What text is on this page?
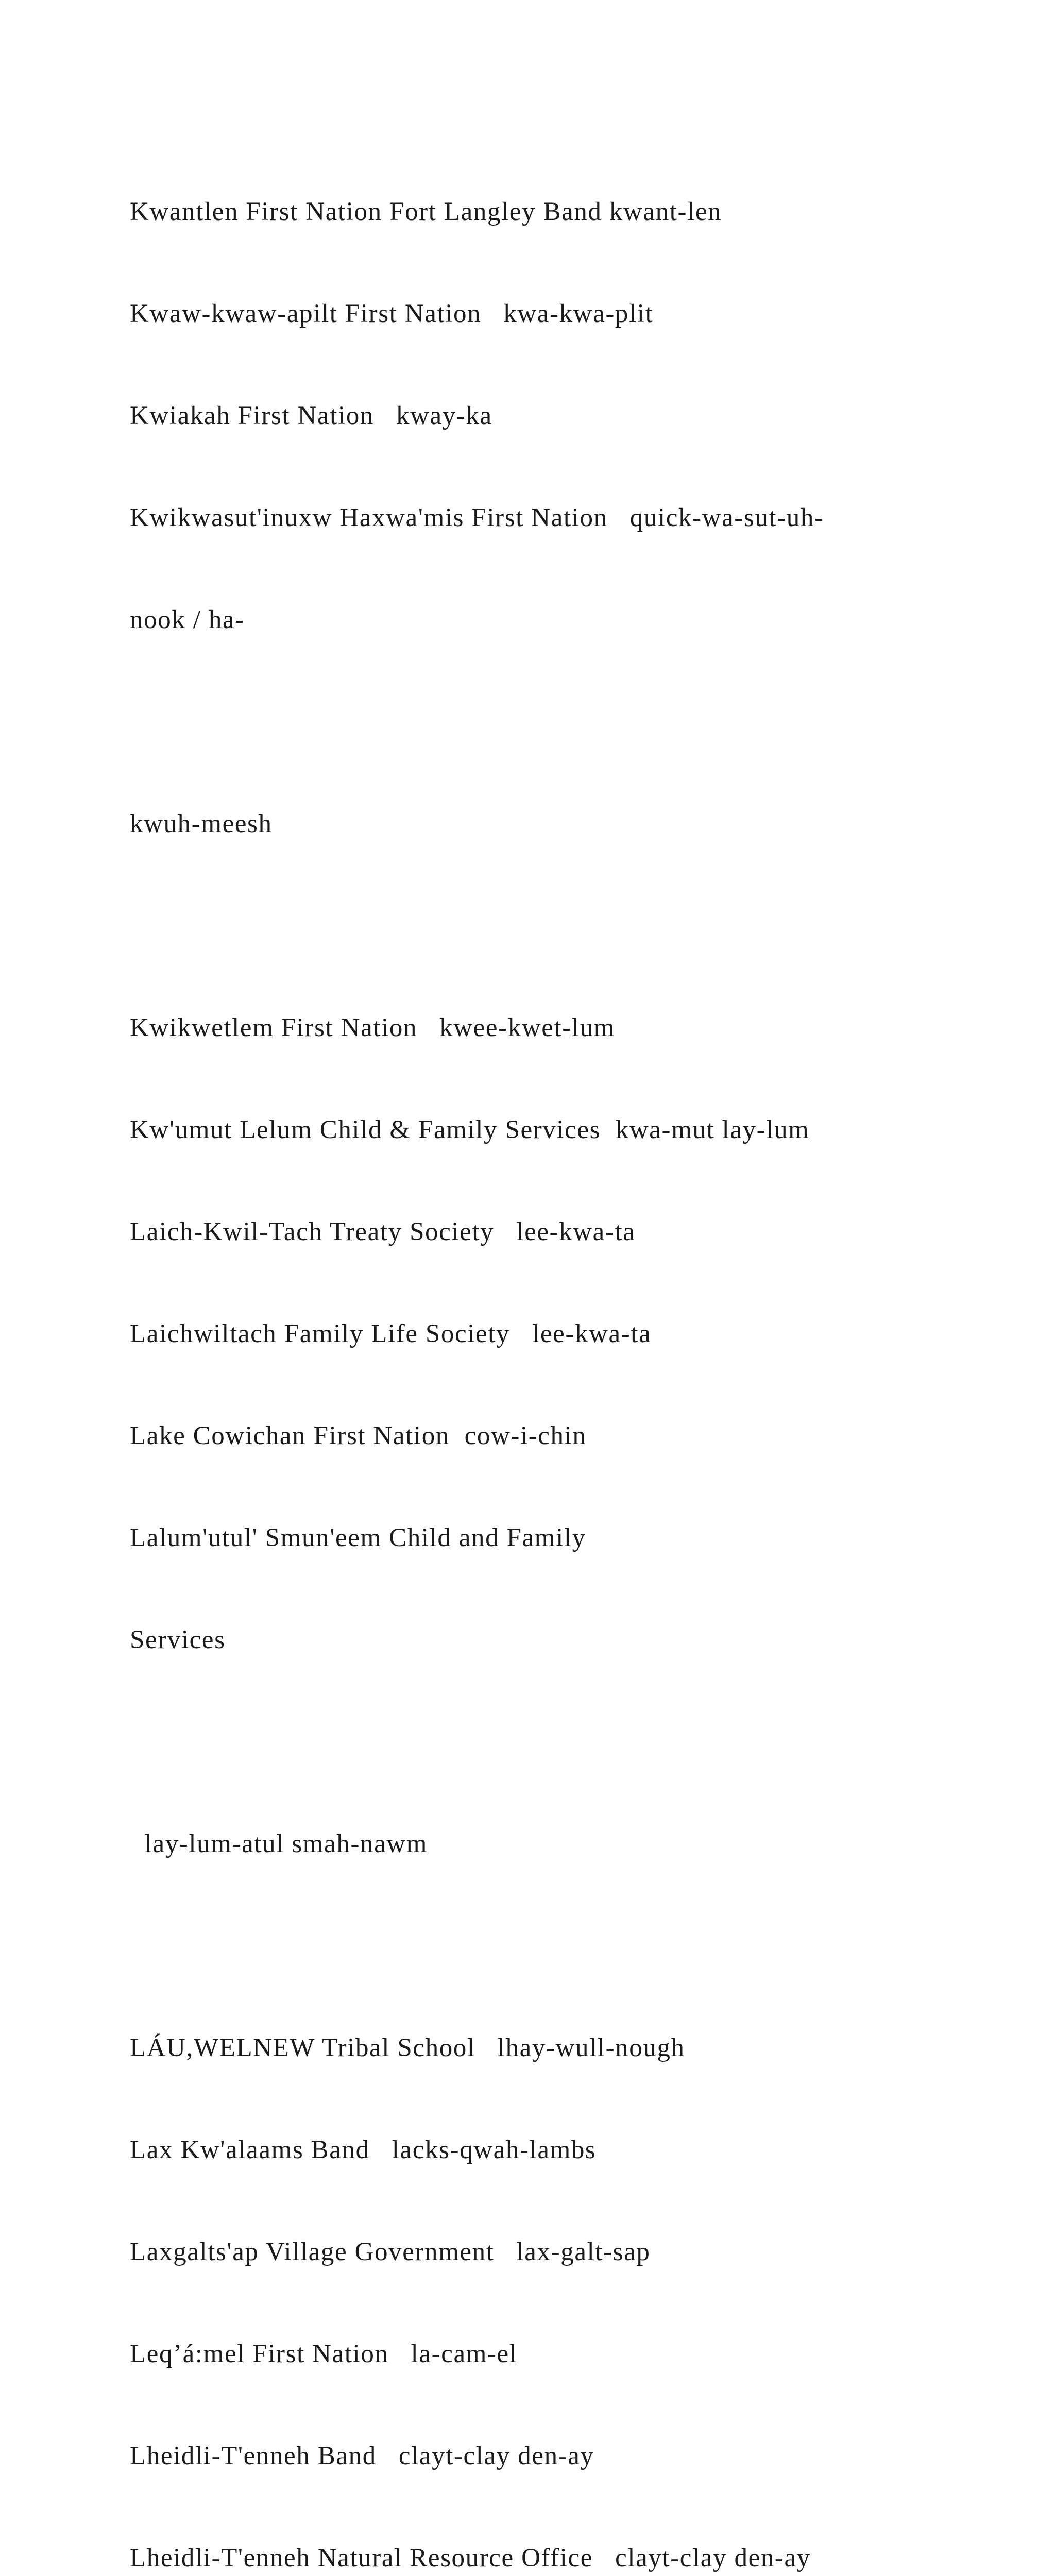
Kwantlen First Nation Fort Langley Band kwant-len

Kwaw-kwaw-apilt First Nation   kwa-kwa-plit

Kwiakah First Nation   kway-ka

Kwikwasut'inuxw Haxwa'mis First Nation   quick-wa-sut-uh-

nook / ha-

kwuh-meesh

Kwikwetlem First Nation   kwee-kwet-lum

Kw'umut Lelum Child & Family Services  kwa-mut lay-lum

Laich-Kwil-Tach Treaty Society   lee-kwa-ta

Laichwiltach Family Life Society   lee-kwa-ta

Lake Cowichan First Nation  cow-i-chin

Lalum'utul' Smun'eem Child and Family

Services

lay-lum-atul smah-nawm

LÁU,WELNEW Tribal School   lhay-wull-nough

Lax Kw'alaams Band   lacks-qwah-lambs

Laxgalts'ap Village Government   lax-galt-sap

Leq’á:mel First Nation   la-cam-el

Lheidli-T'enneh Band   clayt-clay den-ay

Lheidli-T'enneh Natural Resource Office   clayt-clay den-ay
